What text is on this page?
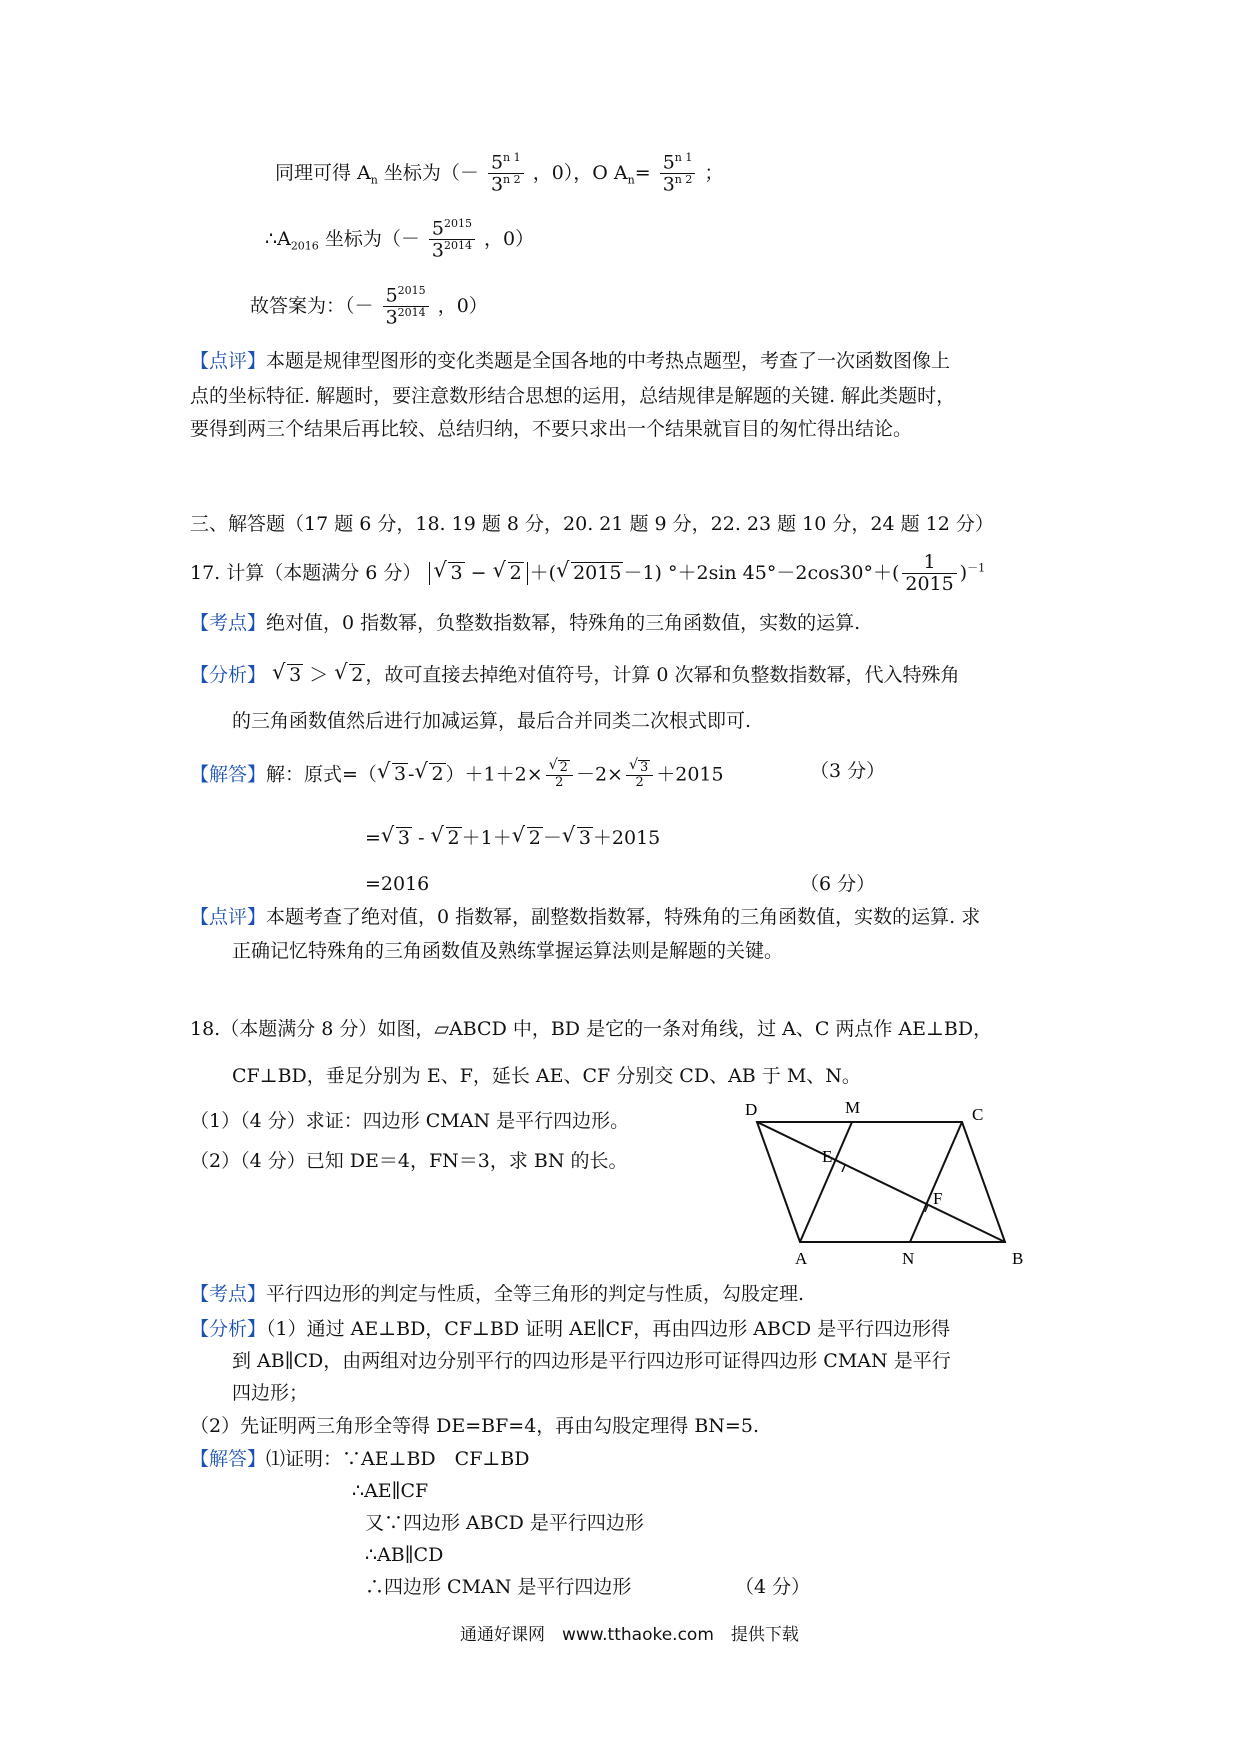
同理可得 $A_n$ 坐标为（－ $\frac{5^{n 1}}{3^{n 2}}$ ，0），O $A_n= \frac{5^{n 1}}{3^{n 2}}$ ；
$\therefore A_{2016}$ 坐标为（－ $\frac{5^{2015}}{3^{2014}}$ ，0）
故答案为：（－ $\frac{5^{2015}}{3^{2014}}$ ，0）
【点评】本题是规律型图形的变化类题是全国各地的中考热点题型，考查了一次函数图像上
点的坐标特征. 解题时，要注意数形结合思想的运用，总结规律是解题的关键. 解此类题时，
要得到两三个结果后再比较、总结归纳，不要只求出一个结果就盲目的匆忙得出结论。
三、解答题（17 题 6 分，18. 19 题 8 分，20. 21 题 9 分，22. 23 题 10 分，24 题 12 分）
17. 计算（本题满分 6 分） √ 3 − √ 2 ＋( √ 2015 －1) °＋2sin $45^\circ-2\cos 30^\circ+( \frac{1}{2015} )^{-1}$
【考点】绝对值，0 指数幂，负整数指数幂，特殊角的三角函数值，实数的运算.
【分析】 √ 3 ＞ √ 2 ，故可直接去掉绝对值符号，计算 0 次幂和负整数指数幂，代入特殊角
的三角函数值然后进行加减运算，最后合并同类二次根式即可.
【解答】解：原式=（ √ 3 - √ 2 ）＋1＋2× √ $\frac{2}{2} -2\times$ √ $\frac{3}{2} +2015$	（3 分）
= √ 3 - √ 2 ＋1＋ √ 2 － √ 3 ＋2015
=2016	（6 分）
【点评】本题考查了绝对值，0 指数幂，副整数指数幂，特殊角的三角函数值，实数的运算. 求
正确记忆特殊角的三角函数值及熟练掌握运算法则是解题的关键。
18.（本题满分 8 分）如图，▱ABCD 中，BD 是它的一条对角线，过 A、C 两点作 AE⊥BD，
CF⊥BD，垂足分别为 E、F，延长 AE、CF 分别交 CD、AB 于 M、N。
（1）（4 分）求证：四边形 CMAN 是平行四边形。
（2）（4 分）已知 DE＝4，FN＝3，求 BN 的长。
D	M	C
E
F
A	N	B
【考点】平行四边形的判定与性质，全等三角形的判定与性质，勾股定理.
【分析】（1）通过 AE⊥BD，CF⊥BD 证明 AE∥CF，再由四边形 ABCD 是平行四边形得
到 AB∥CD，由两组对边分别平行的四边形是平行四边形可证得四边形 CMAN 是平行
四边形；
（2）先证明两三角形全等得 DE=BF=4，再由勾股定理得 BN=5.
【解答】⑴证明：∵AE⊥BD　CF⊥BD
∴AE∥CF
又∵四边形 ABCD 是平行四边形
∴AB∥CD
∴四边形 CMAN 是平行四边形	（4 分）
通通好课网　www.tthaoke.com　提供下载
